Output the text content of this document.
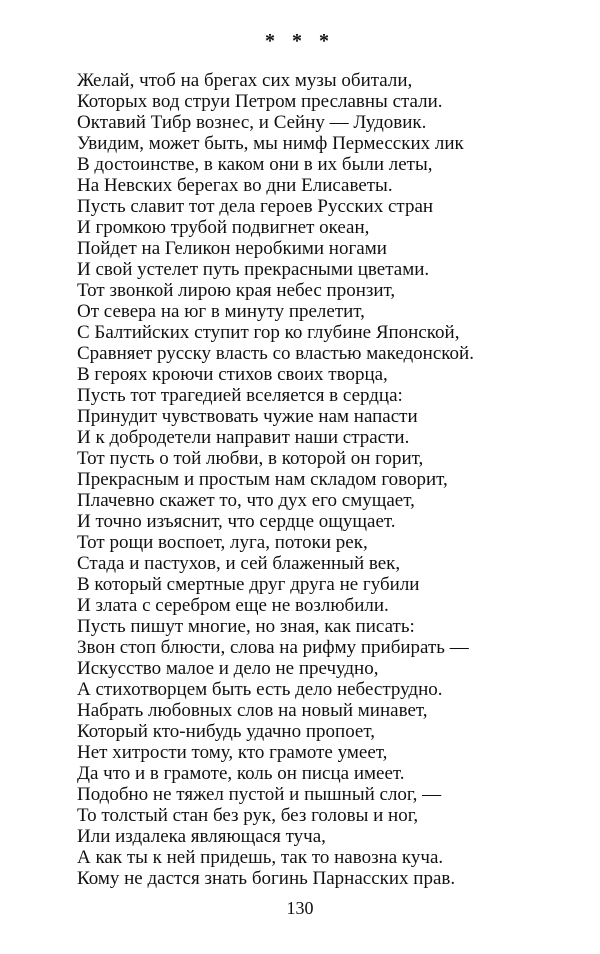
* * *
Желай, чтоб на брегах сих музы обитали,
Которых вод струи Петром преславны стали.
Октавий Тибр вознес, и Сейну — Лудовик.
Увидим, может быть, мы нимф Пермесских лик
В достоинстве, в каком они в их были леты,
На Невских берегах во дни Елисаветы.
Пусть славит тот дела героев Русских стран
И громкою трубой подвигнет океан,
Пойдет на Геликон неробкими ногами
И свой устелет путь прекрасными цветами.
Тот звонкой лирою края небес пронзит,
От севера на юг в минуту прелетит,
С Балтийских ступит гор ко глубине Японской,
Сравняет русску власть со властью македонской.
В героях кроючи стихов своих творца,
Пусть тот трагедией вселяется в сердца:
Принудит чувствовать чужие нам напасти
И к добродетели направит наши страсти.
Тот пусть о той любви, в которой он горит,
Прекрасным и простым нам складом говорит,
Плачевно скажет то, что дух его смущает,
И точно изъяснит, что сердце ощущает.
Тот рощи воспоет, луга, потоки рек,
Стада и пастухов, и сей блаженный век,
В который смертные друг друга не губили
И злата с серебром еще не возлюбили.
Пусть пишут многие, но зная, как писать:
Звон стоп блюсти, слова на рифму прибирать —
Искусство малое и дело не пречудно,
А стихотворцем быть есть дело небеструдно.
Набрать любовных слов на новый минавет,
Который кто-нибудь удачно пропоет,
Нет хитрости тому, кто грамоте умеет,
Да что и в грамоте, коль он писца имеет.
Подобно не тяжел пустой и пышный слог, —
То толстый стан без рук, без головы и ног,
Или издалека являющася туча,
А как ты к ней придешь, так то навозна куча.
Кому не дастся знать богинь Парнасских прав.
130
